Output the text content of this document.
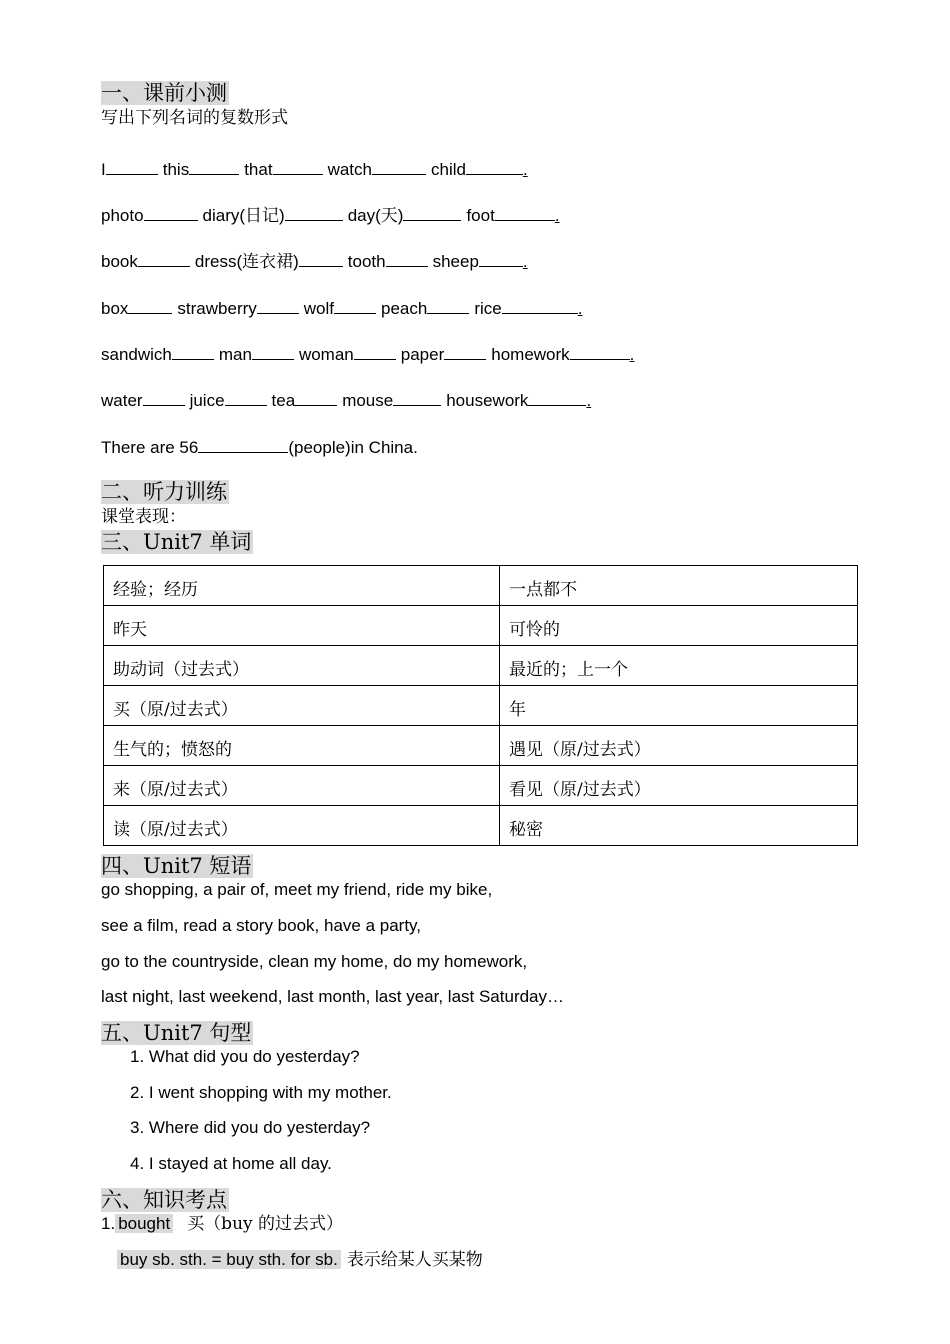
一、课前小测
写出下列名词的复数形式
I	this	that	watch	child	.
photo	diary(日记)	day(天)	foot	.
book	dress(连衣裙)	tooth	sheep	.
box	strawberry	wolf	peach	rice	.
sandwich	man	woman	paper	homework	.
water	juice	tea	mouse	housework	.
There are 56	(people)in China.
二、听力训练
课堂表现：
三、Unit7 单词
经验；经历	一点都不
昨天	可怜的
助动词（过去式）	最近的；上一个
买（原/过去式）	年
生气的；愤怒的	遇见（原/过去式）
来（原/过去式）	看见（原/过去式）
读（原/过去式）	秘密
四、Unit7 短语
go shopping, a pair of, meet my friend, ride my bike,
see a film, read a story book, have a party,
go to the countryside, clean my home, do my homework,
last night, last weekend, last month, last year, last Saturday…
五、Unit7 句型
1. What did you do yesterday?
2. I went shopping with my mother.
3. Where did you do yesterday?
4. I stayed at home all day.
六、知识考点
1. bought 买（buy 的过去式）
buy sb. sth. = buy sth. for sb. 表示给某人买某物
